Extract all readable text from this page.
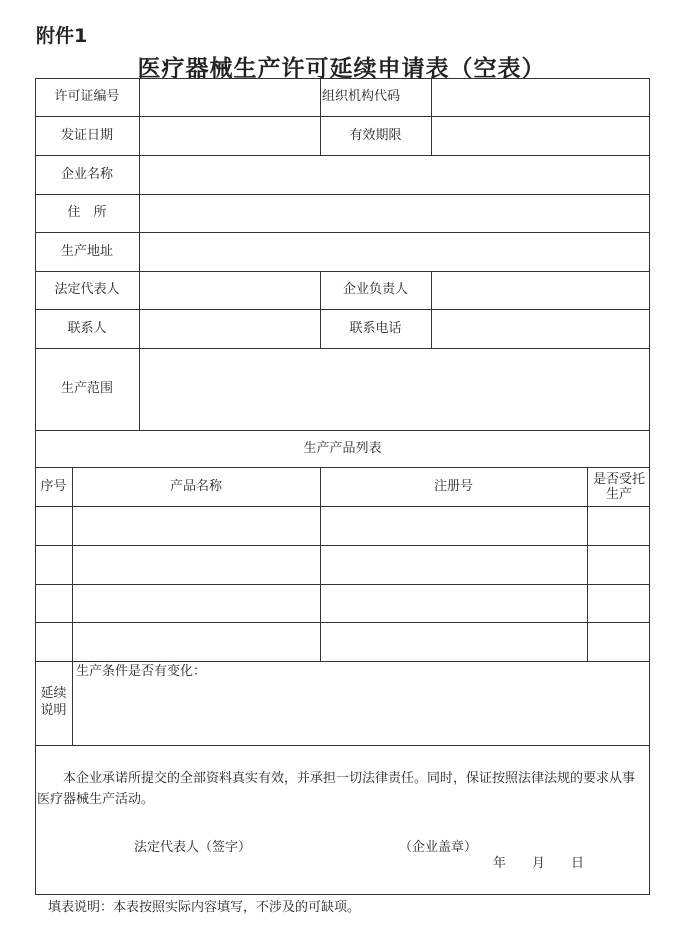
附件1
医疗器械生产许可延续申请表（空表）
许可证编号	组织机构代码
发证日期	有效期限
企业名称
住　所
生产地址
法定代表人	企业负责人
联系人	联系电话
生产范围
生产产品列表
序号	产品名称	注册号	是否受托生产
延续说明
生产条件是否有变化：
本企业承诺所提交的全部资料真实有效，并承担一切法律责任。同时，保证按照法律法规的要求从事医疗器械生产活动。
法定代表人（签字）	（企业盖章）
年　　月　　日
填表说明：本表按照实际内容填写，不涉及的可缺项。
